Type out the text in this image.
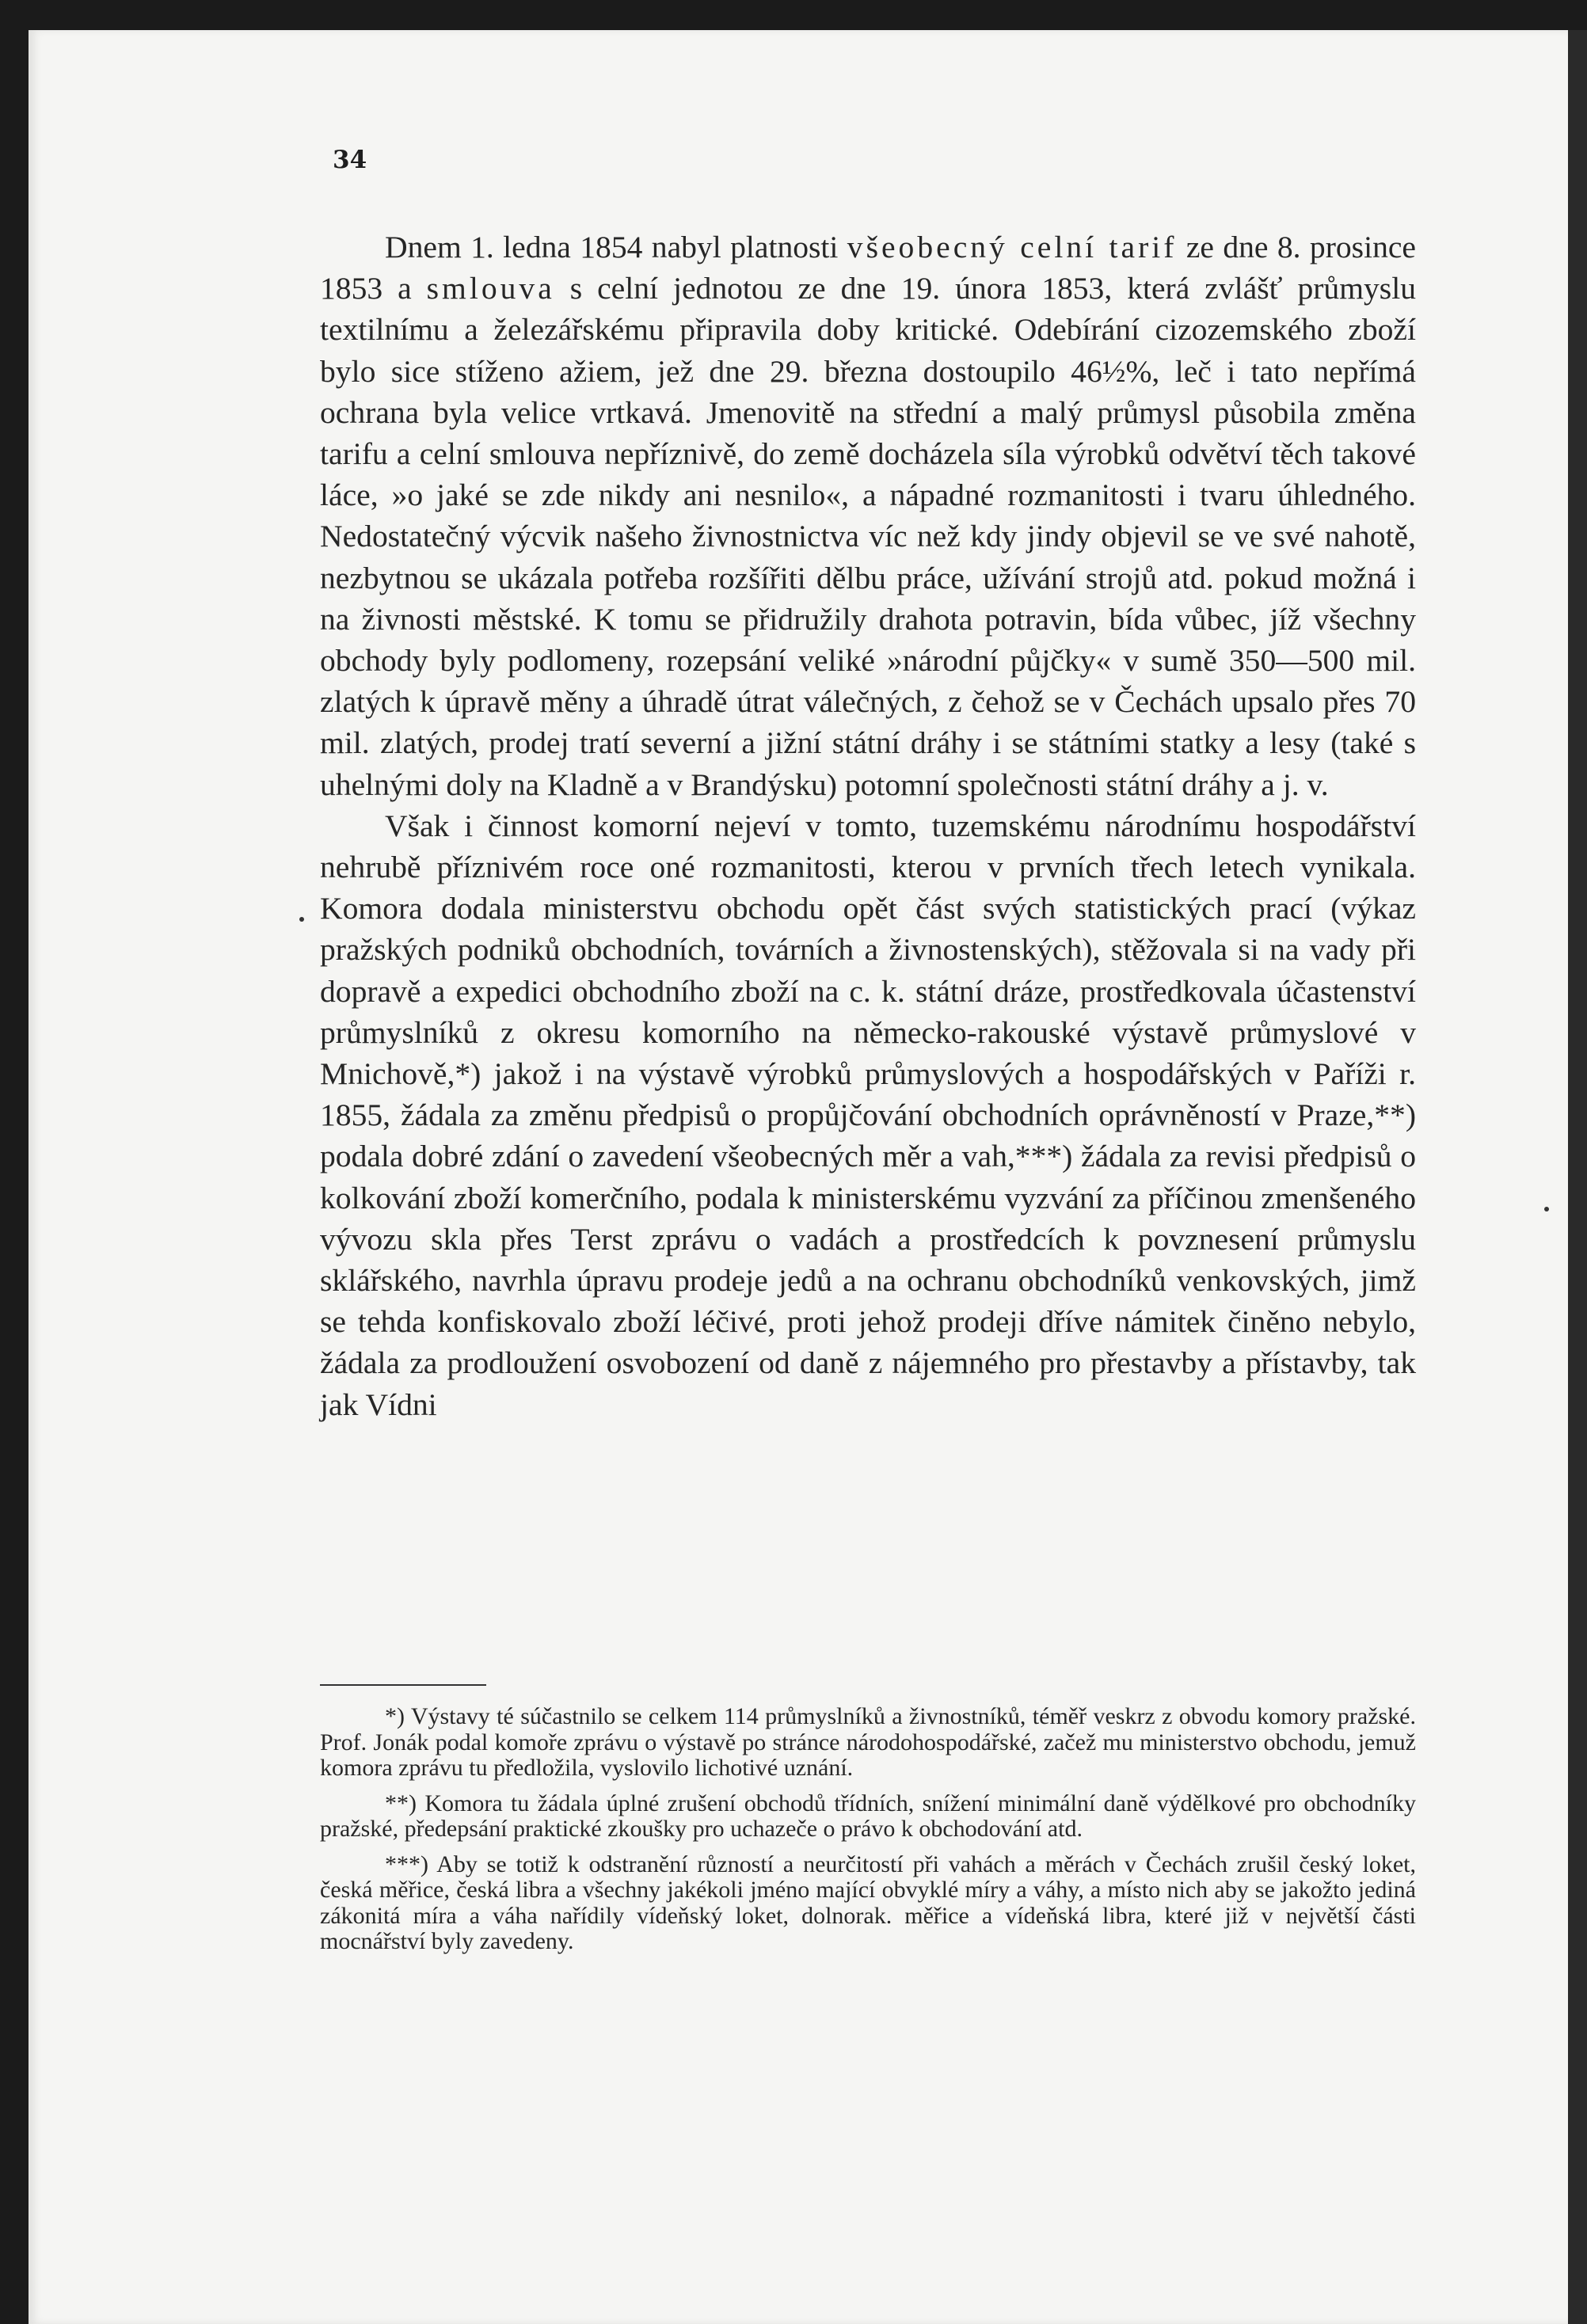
34

Dnem 1. ledna 1854 nabyl platnosti všeobecný celní tarif ze dne 8. prosince 1853 a smlouva s celní jednotou ze dne 19. února 1853, která zvlášť průmyslu textilnímu a železářskému připravila doby kritické. Odebírání cizozemského zboží bylo sice stíženo ažiem, jež dne 29. března dostoupilo 46½%, leč i tato nepřímá ochrana byla velice vrtkavá. Jmenovitě na střední a malý průmysl působila změna tarifu a celní smlouva nepříznivě, do země docházela síla výrobků odvětví těch takové láce, »o jaké se zde nikdy ani nesnilo«, a nápadné rozmanitosti i tvaru úhledného. Nedostatečný výcvik našeho živnostnictva víc než kdy jindy objevil se ve své nahotě, nezbytnou se ukázala potřeba rozšířiti dělbu práce, užívání strojů atd. pokud možná i na živnosti městské. K tomu se přidružily drahota potravin, bída vůbec, jíž všechny obchody byly podlomeny, rozepsání veliké »národní půjčky« v sumě 350—500 mil. zlatých k úpravě měny a úhradě útrat válečných, z čehož se v Čechách upsalo přes 70 mil. zlatých, prodej tratí severní a jižní státní dráhy i se státními statky a lesy (také s uhelnými doly na Kladně a v Brandýsku) potomní společnosti státní dráhy a j. v.

Však i činnost komorní nejeví v tomto, tuzemskému národnímu hospodářství nehrubě příznivém roce oné rozmanitosti, kterou v prvních třech letech vynikala. Komora dodala ministerstvu obchodu opět část svých statistických prací (výkaz pražských podniků obchodních, továrních a živnostenských), stěžovala si na vady při dopravě a expedici obchodního zboží na c. k. státní dráze, prostředkovala účastenství průmyslníků z okresu komorního na německo-rakouské výstavě průmyslové v Mnichově,*) jakož i na výstavě výrobků průmyslových a hospodářských v Paříži r. 1855, žádala za změnu předpisů o propůjčování obchodních oprávněností v Praze,**) podala dobré zdání o zavedení všeobecných měr a vah,***) žádala za revisi předpisů o kolkování zboží komerčního, podala k ministerskému vyzvání za příčinou zmenšeného vývozu skla přes Terst zprávu o vadách a prostředcích k povznesení průmyslu sklářského, navrhla úpravu prodeje jedů a na ochranu obchodníků venkovských, jimž se tehda konfiskovalo zboží léčivé, proti jehož prodeji dříve námitek činěno nebylo, žádala za prodloužení osvobození od daně z nájemného pro přestavby a přístavby, tak jak Vídni

*) Výstavy té súčastnilo se celkem 114 průmyslníků a živnostníků, téměř veskrz z obvodu komory pražské. Prof. Jonák podal komoře zprávu o výstavě po stránce národohospodářské, začež mu ministerstvo obchodu, jemuž komora zprávu tu předložila, vyslovilo lichotivé uznání.

**) Komora tu žádala úplné zrušení obchodů třídních, snížení minimální daně výdělkové pro obchodníky pražské, předepsání praktické zkoušky pro uchazeče o právo k obchodování atd.

***) Aby se totiž k odstranění růzností a neurčitostí při vahách a měrách v Čechách zrušil český loket, česká měřice, česká libra a všechny jakékoli jméno mající obvyklé míry a váhy, a místo nich aby se jakožto jediná zákonitá míra a váha nařídily vídeňský loket, dolnorak. měřice a vídeňská libra, které již v největší části mocnářství byly zavedeny.
